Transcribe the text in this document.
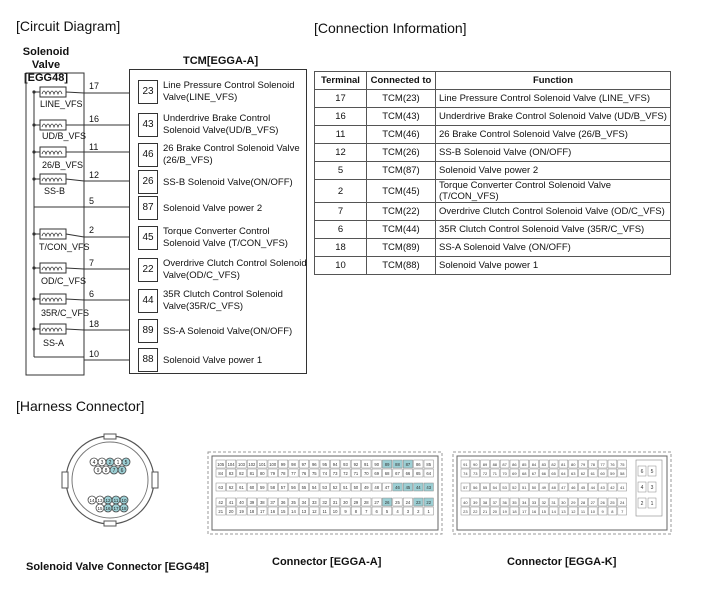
[Circuit Diagram]	[Connection Information]
[Harness Connector]
Solenoid Valve
[EGG48]
TCM[EGGA-A]
LINE_VFS
UD/B_VFS
26/B_VFS
SS-B
T/CON_VFS
OD/C_VFS
35R/C_VFS
SS-A
17
16
11
12
5
2
7
6
18
10
23
Line Pressure Control Solenoid Valve(LINE_VFS)
43
Underdrive Brake Control Solenoid Valve(UD/B_VFS)
46
26 Brake Control Solenoid Valve (26/B_VFS)
26 SS-B Solenoid Valve(ON/OFF)
87 Solenoid Valve power 2
45
Torque Converter Control Solenoid Valve (T/CON_VFS)
22
Overdrive Clutch Control Solenoid Valve(OD/C_VFS)
44
35R Clutch Control Solenoid Valve(35R/C_VFS)
89 SS-A Solenoid Valve(ON/OFF)
88 Solenoid Valve power 1
Terminal	Connected to	Function
17	TCM(23)	Line Pressure Control Solenoid Valve (LINE_VFS)
16	TCM(43)	Underdrive Brake Control Solenoid Valve (UD/B_VFS)
11	TCM(46)	26 Brake Control Solenoid Valve (26/B_VFS)
12	TCM(26)	SS-B Solenoid Valve (ON/OFF)
5	TCM(87)	Solenoid Valve power 2
2	TCM(45)	Torque Converter Control Solenoid Valve (T/CON_VFS)
7	TCM(22)	Overdrive Clutch Control Solenoid Valve (OD/C_VFS)
6	TCM(44)	35R Clutch Control Solenoid Valve (35R/C_VFS)
18	TCM(89)	SS-A Solenoid Valve (ON/OFF)
10	TCM(88)	Solenoid Valve power 1
4 3 2 1 5
9 8 7 6
14 13 12 11 10
15 16 17 18
105 104 103 102 101 100 99 98 97 96 95 94 93 92 91 90 89 88 87 86 85
84 83 82 81 80 79 78 77 76 75 74 73 72 71 70 69 68 67 66 65 64
63 62 61 60 59 58 57 56 55 54 53 52 51 50 49 48 47 46 45 44 43
42 41 40 39 38 37 36 35 34 33 32 31 30 29 28 27 26 25 24 23 22
21 20 19 18 17 16 15 14 13 12 11 10 9 8 7 6 5 4 3 2 1
91 90 89 88 87 86 85 84 83 82 81 80 79 78 77 76 75
74 73 72 71 70 69 68 67 66 65 64 63 62 61 60 59 58
57 56 55 54 53 52 51 50 49 48 47 46 45 44 43 42 41
40 39 38 37 36 35 34 33 32 31 30 29 28 27 26 25 24
23 22 21 20 19 18 17 16 15 14 13 12 11 10 9 8 7
6 5
4 3
2 1
Solenoid Valve Connector [EGG48]	Connector [EGGA-A]	Connector [EGGA-K]
